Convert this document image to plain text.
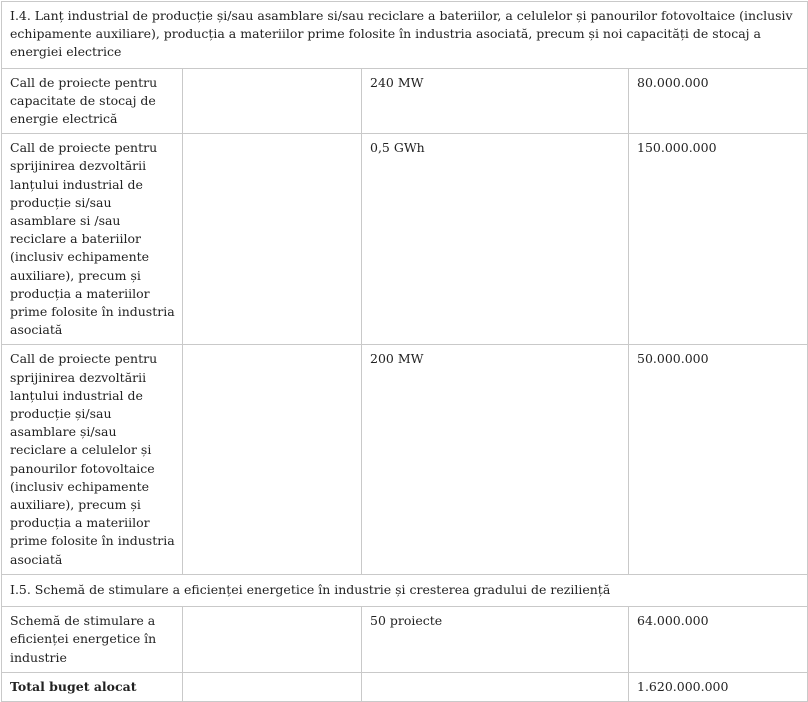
I.4. Lanț industrial de producție și/sau asamblare si/sau reciclare a bateriilor, a celulelor și panourilor fotovoltaice (inclusiv echipamente auxiliare), producția a materiilor prime folosite în industria asociată, precum și noi capacități de stocaj a energiei electrice			
Call de proiecte pentru capacitate de stocaj de energie electrică		240 MW	80.000.000
Call de proiecte pentru sprijinirea dezvoltării lanțului industrial de producție si/sau asamblare si /sau reciclare a bateriilor (inclusiv echipamente auxiliare), precum și producția a materiilor prime folosite în industria asociată		0,5 GWh	150.000.000
Call de proiecte pentru sprijinirea dezvoltării lanțului industrial de producție și/sau asamblare și/sau reciclare a celulelor și panourilor fotovoltaice (inclusiv echipamente auxiliare), precum și producția a materiilor prime folosite în industria asociată		200 MW	50.000.000
I.5. Schemă de stimulare a eficienței energetice în industrie și cresterea gradului de reziliență			
Schemă de stimulare a eficienței energetice în industrie		50 proiecte	64.000.000
Total buget alocat			1.620.000.000
